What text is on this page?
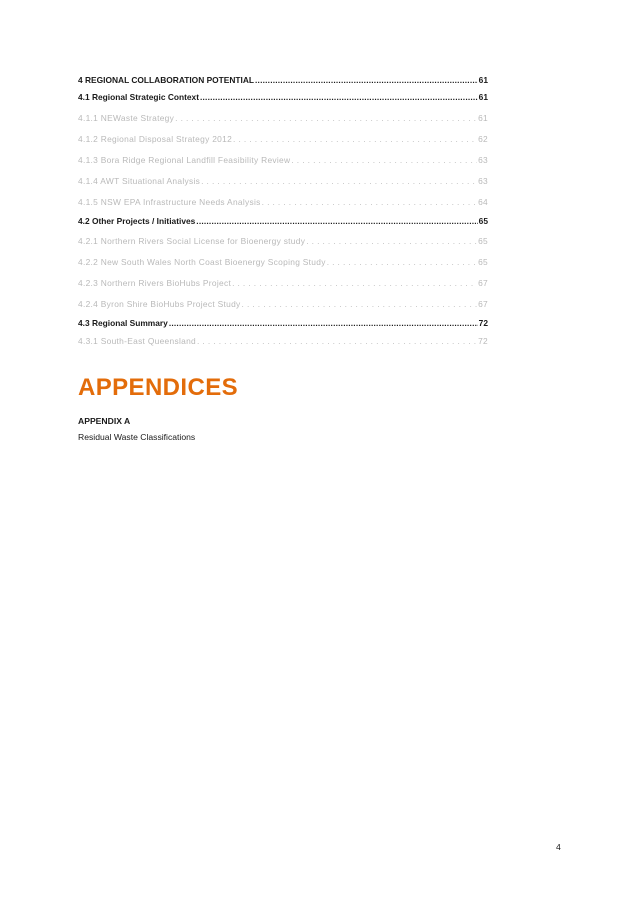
4 REGIONAL COLLABORATION POTENTIAL .....	61
4.1 Regional Strategic Context .....	61
4.1.1 NEWaste Strategy .....	61
4.1.2 Regional Disposal Strategy 2012 .....	62
4.1.3 Bora Ridge Regional Landfill Feasibility Review .....	63
4.1.4 AWT Situational Analysis .....	63
4.1.5 NSW EPA Infrastructure Needs Analysis .....	64
4.2 Other Projects / Initiatives .....	65
4.2.1 Northern Rivers Social License for Bioenergy study .....	65
4.2.2 New South Wales North Coast Bioenergy Scoping Study .....	65
4.2.3 Northern Rivers BioHubs Project .....	67
4.2.4 Byron Shire BioHubs Project Study .....	67
4.3 Regional Summary .....	72
4.3.1 South-East Queensland .....	72
APPENDICES
APPENDIX A
Residual Waste Classifications
4
